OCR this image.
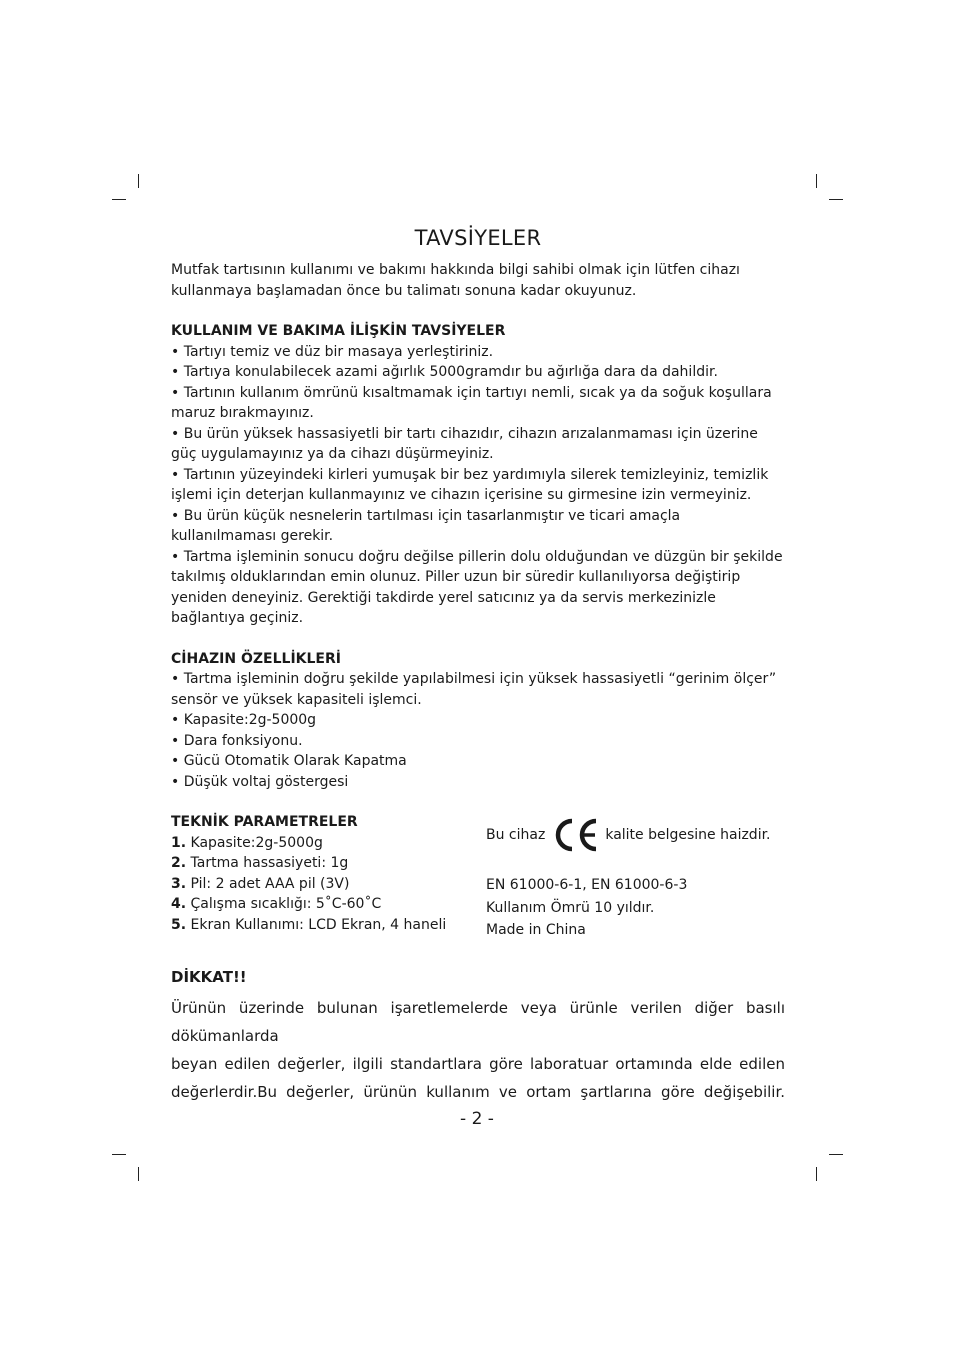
TAVSİYELER

Mutfak tartısının kullanımı ve bakımı hakkında bilgi sahibi olmak için lütfen cihazı kullanmaya başlamadan önce bu talimatı sonuna kadar okuyunuz.

KULLANIM VE BAKIMA İLİŞKİN TAVSİYELER

• Tartıyı temiz ve düz bir masaya yerleştiriniz.

• Tartıya konulabilecek azami ağırlık 5000gramdır bu ağırlığa dara da dahildir.

• Tartının kullanım ömrünü kısaltmamak için tartıyı nemli, sıcak ya da soğuk koşullara maruz bırakmayınız.

• Bu ürün yüksek hassasiyetli bir tartı cihazıdır, cihazın arızalanmaması için üzerine güç uygulamayınız ya da cihazı düşürmeyiniz.

• Tartının yüzeyindeki kirleri yumuşak bir bez yardımıyla silerek temizleyiniz, temizlik işlemi için deterjan kullanmayınız ve cihazın içerisine su girmesine izin vermeyiniz.

• Bu ürün küçük nesnelerin tartılması için tasarlanmıştır ve ticari amaçla kullanılmaması gerekir.

• Tartma işleminin sonucu doğru değilse pillerin dolu olduğundan ve düzgün bir şekilde takılmış olduklarından emin olunuz. Piller uzun bir süredir kullanılıyorsa değiştirip yeniden deneyiniz. Gerektiği takdirde yerel satıcınız ya da servis merkezinizle bağlantıya geçiniz.

CİHAZIN ÖZELLİKLERİ

• Tartma işleminin doğru şekilde yapılabilmesi için yüksek hassasiyetli “gerinim ölçer” sensör ve yüksek kapasiteli işlemci.

• Kapasite:2g-5000g

• Dara fonksiyonu.

• Gücü Otomatik Olarak Kapatma

• Düşük voltaj göstergesi

TEKNİK PARAMETRELER
1. Kapasite:2g-5000g
2. Tartma hassasiyeti: 1g
3. Pil: 2 adet AAA pil (3V)
4. Çalışma sıcaklığı: 5˚C-60˚C
5. Ekran Kullanımı: LCD Ekran, 4 haneli
Bu cihaz	kalite belgesine haizdir.
EN 61000-6-1, EN 61000-6-3
Kullanım Ömrü 10 yıldır.
Made in China
DİKKAT!!
Ürünün üzerinde bulunan işaretlemelerde veya ürünle verilen diğer basılı dökümanlarda
beyan edilen değerler, ilgili standartlara göre laboratuar ortamında elde edilen
değerlerdir.Bu değerler, ürünün kullanım ve ortam şartlarına göre değişebilir.
- 2 -
